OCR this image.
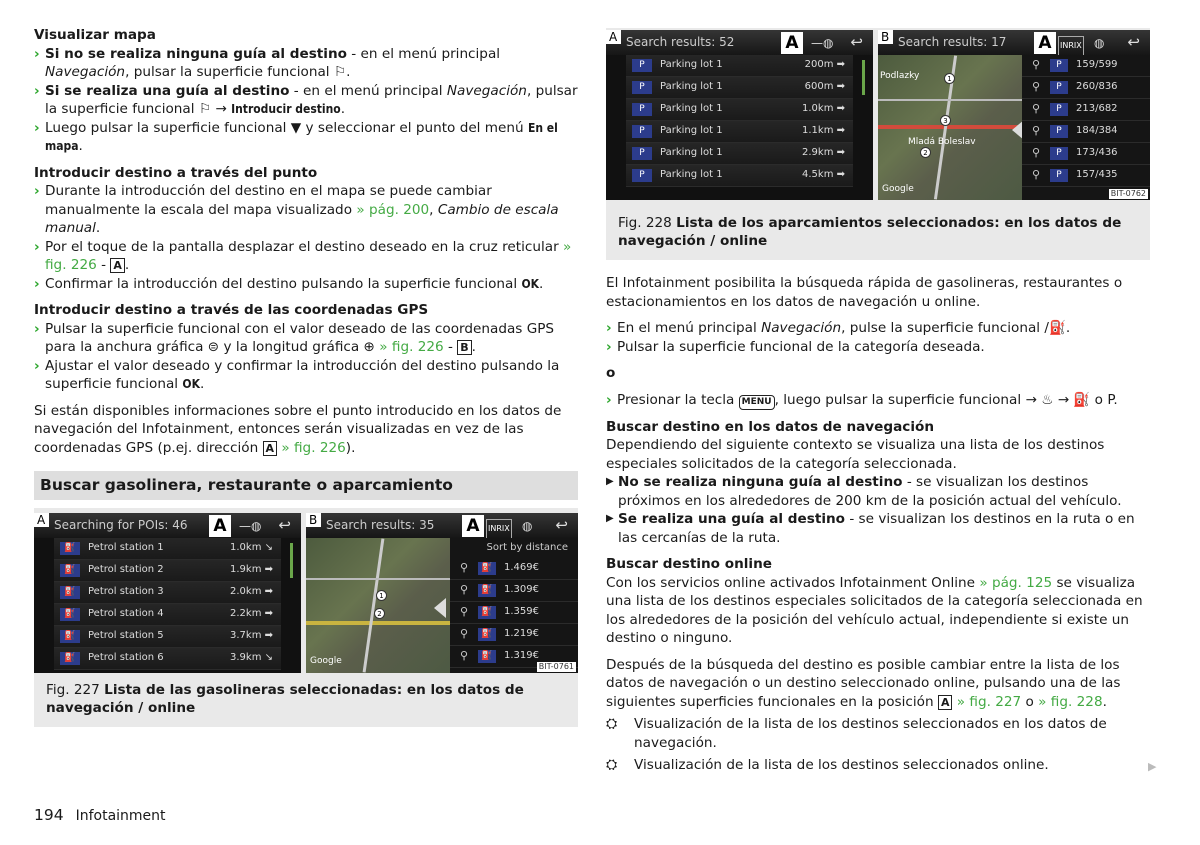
Visualizar mapa
› Si no se realiza ninguna guía al destino - en el menú principal Navegación, pulsar la superficie funcional ⚐.
› Si se realiza una guía al destino - en el menú principal Navegación, pulsar la superficie funcional ⚐ → Introducir destino.
› Luego pulsar la superficie funcional ▼ y seleccionar el punto del menú En el mapa.
Introducir destino a través del punto
› Durante la introducción del destino en el mapa se puede cambiar manualmente la escala del mapa visualizado » pág. 200, Cambio de escala manual.
› Por el toque de la pantalla desplazar el destino deseado en la cruz reticular » fig. 226 - A .
› Confirmar la introducción del destino pulsando la superficie funcional OK.
Introducir destino a través de las coordenadas GPS
› Pulsar la superficie funcional con el valor deseado de las coordenadas GPS para la anchura gráfica ⊜ y la longitud gráfica ⊕ » fig. 226 - B .
› Ajustar el valor deseado y confirmar la introducción del destino pulsando la superficie funcional OK.
Si están disponibles informaciones sobre el punto introducido en los datos de navegación del Infotainment, entonces serán visualizadas en vez de las coordenadas GPS (p.ej. dirección A » fig. 226).
Buscar gasolinera, restaurante o aparcamiento
A Searching for POIs: 46 A	—◍ ↩
⛽	Petrol station 1	1.0km ↘
⛽	Petrol station 2	1.9km ➡
⛽	Petrol station 3	2.0km ➡
⛽	Petrol station 4	2.2km ➡
⛽	Petrol station 5	3.7km ➡
⛽	Petrol station 6	3.9km ↘
B Search results: 35 A	INRIX ◍ ↩
1
2
Google
Sort by distance
⚲	⛽	1.469€
⚲	⛽	1.309€
⚲	⛽	1.359€
⚲	⛽	1.219€
⚲	⛽	1.319€
BIT-0761
Fig. 227 Lista de las gasolineras seleccionadas: en los datos de navegación / online
A Search results: 52	A	—◍ ↩
P	Parking lot 1	200m ➡
P	Parking lot 1	600m ➡
P	Parking lot 1	1.0km ➡
P	Parking lot 1	1.1km ➡
P	Parking lot 1	2.9km ➡
P	Parking lot 1	4.5km ➡
B Search results: 17 A	INRIX ◍ ↩
Podlazky
Mladá Boleslav
1
3
2
Google
⚲	P	159/599
⚲	P	260/836
⚲	P	213/682
⚲	P	184/384
⚲	P	173/436
⚲	P	157/435
BIT-0762
Fig. 228 Lista de los aparcamientos seleccionados: en los datos de navegación / online
El Infotainment posibilita la búsqueda rápida de gasolineras, restaurantes o estacionamientos en los datos de navegación u online.
› En el menú principal Navegación, pulse la superficie funcional /⛽.
› Pulsar la superficie funcional de la categoría deseada.
o
› Presionar la tecla MENU , luego pulsar la superficie funcional → ♨ → ⛽ o P.
Buscar destino en los datos de navegación
Dependiendo del siguiente contexto se visualiza una lista de los destinos especiales solicitados de la categoría seleccionada.
▶ No se realiza ninguna guía al destino - se visualizan los destinos próximos en los alrededores de 200 km de la posición actual del vehículo.
▶ Se realiza una guía al destino - se visualizan los destinos en la ruta o en las cercanías de la ruta.
Buscar destino online
Con los servicios online activados Infotainment Online » pág. 125 se visualiza una lista de los destinos especiales solicitados de la categoría seleccionada en los alrededores de la posición del vehículo actual, independiente si existe un destino o ninguno.
Después de la búsqueda del destino es posible cambiar entre la lista de los datos de navegación o un destino seleccionado online, pulsando una de las siguientes superficies funcionales en la posición A » fig. 227 o » fig. 228.
⛭	Visualización de la lista de los destinos seleccionados en los datos de navegación.
⛭	Visualización de la lista de los destinos seleccionados online.	▶
194 Infotainment
